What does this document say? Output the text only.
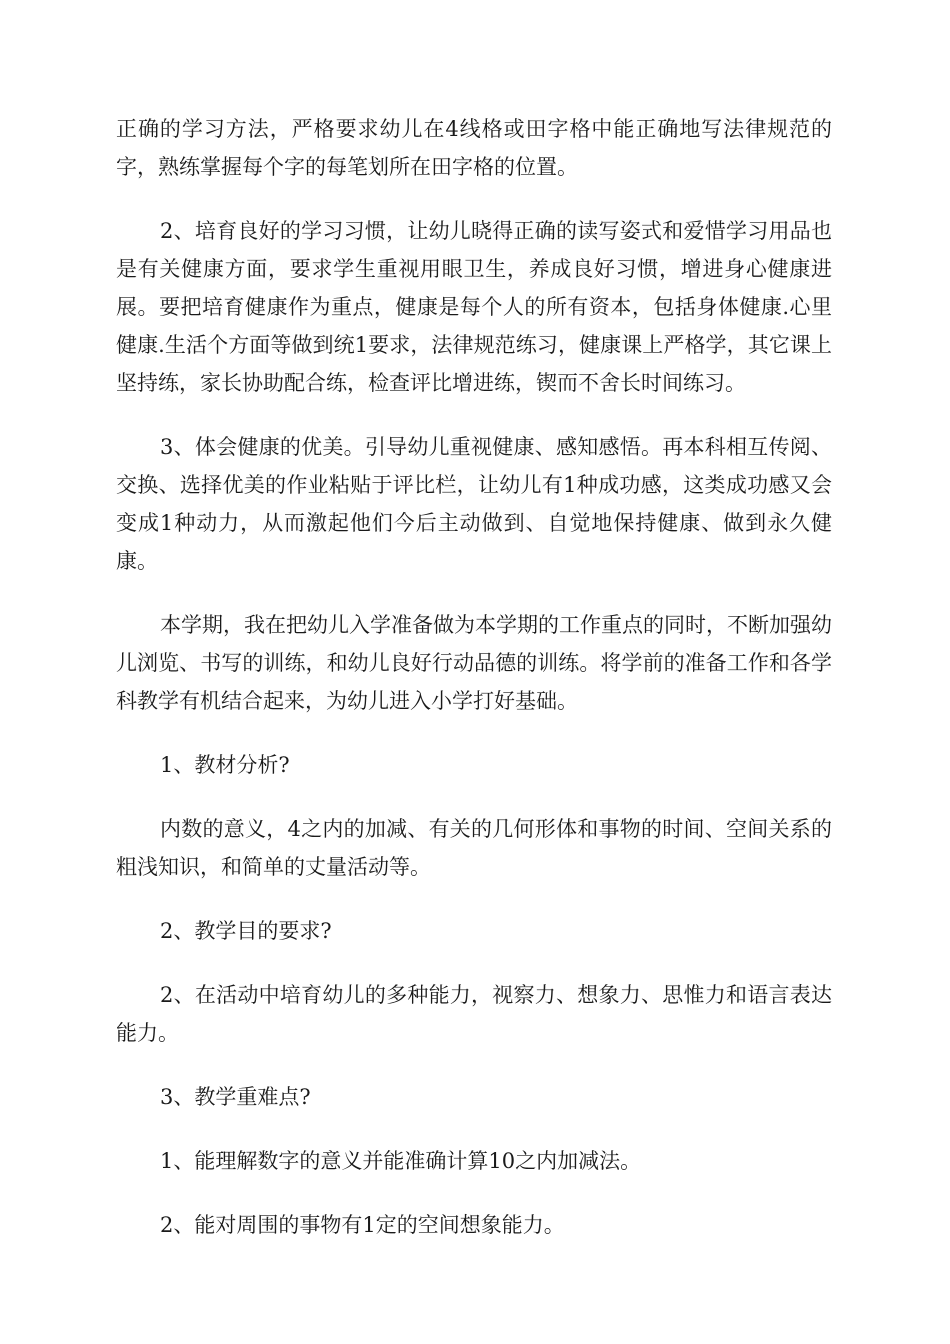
正确的学习方法，严格要求幼儿在4线格或田字格中能正确地写法律规范的字，熟练掌握每个字的每笔划所在田字格的位置。

2、培育良好的学习习惯，让幼儿晓得正确的读写姿式和爱惜学习用品也是有关健康方面，要求学生重视用眼卫生，养成良好习惯，增进身心健康进展。要把培育健康作为重点，健康是每个人的所有资本，包括身体健康.心里健康.生活个方面等做到统1要求，法律规范练习，健康课上严格学，其它课上坚持练，家长协助配合练，检查评比增进练，锲而不舍长时间练习。

3、体会健康的优美。引导幼儿重视健康、感知感悟。再本科相互传阅、交换、选择优美的作业粘贴于评比栏，让幼儿有1种成功感，这类成功感又会变成1种动力，从而激起他们今后主动做到、自觉地保持健康、做到永久健康。

本学期，我在把幼儿入学准备做为本学期的工作重点的同时，不断加强幼儿浏览、书写的训练，和幼儿良好行动品德的训练。将学前的准备工作和各学科教学有机结合起来，为幼儿进入小学打好基础。

1、教材分析?

内数的意义，4之内的加减、有关的几何形体和事物的时间、空间关系的粗浅知识，和简单的丈量活动等。

2、教学目的要求?

2、在活动中培育幼儿的多种能力，视察力、想象力、思惟力和语言表达能力。

3、教学重难点?

1、能理解数字的意义并能准确计算10之内加减法。

2、能对周围的事物有1定的空间想象能力。
